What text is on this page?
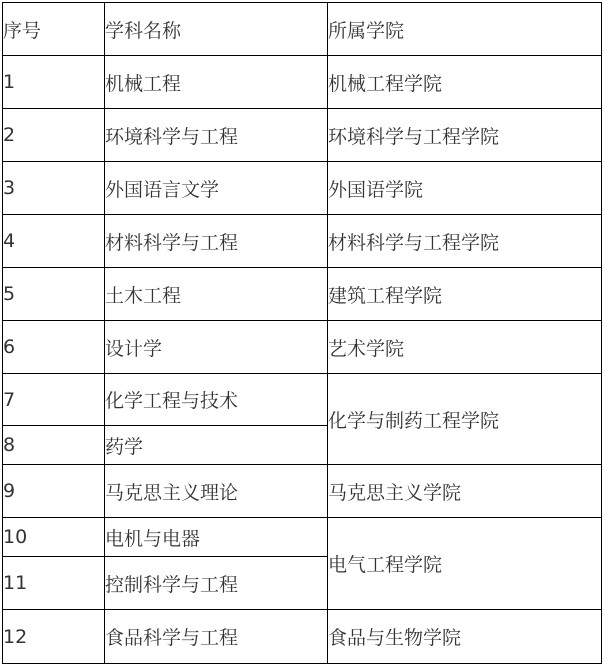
序号	学科名称	所属学院
1	机械工程	机械工程学院
2	环境科学与工程	环境科学与工程学院
3	外国语言文学	外国语学院
4	材料科学与工程	材料科学与工程学院
5	土木工程	建筑工程学院
6	设计学	艺术学院
7	化学工程与技术	化学与制药工程学院
8	药学	
9	马克思主义理论	马克思主义学院
10	电机与电器	电气工程学院
11	控制科学与工程	
12	食品科学与工程	食品与生物学院
